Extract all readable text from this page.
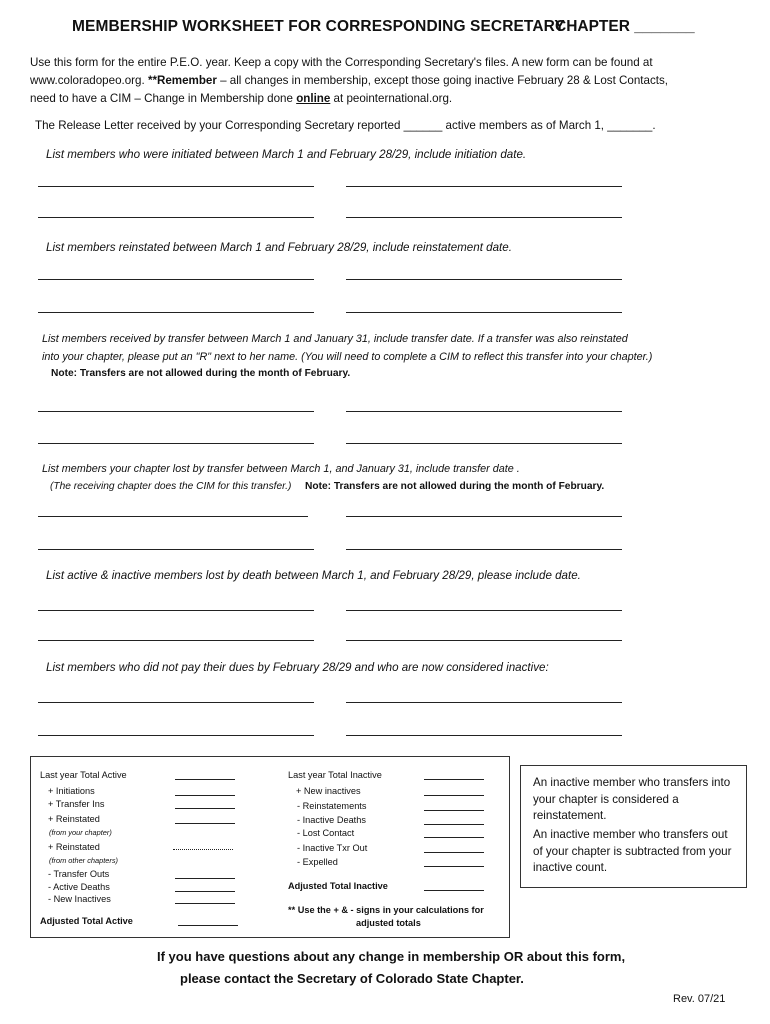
MEMBERSHIP WORKSHEET FOR CORRESPONDING SECRETARY
CHAPTER _______
Use this form for the entire P.E.O. year. Keep a copy with the Corresponding Secretary's files. A new form can be found at
www.coloradopeo.org. **Remember – all changes in membership, except those going inactive February 28 & Lost Contacts,
need to have a CIM – Change in Membership done online at peointernational.org.
The Release Letter received by your Corresponding Secretary reported ______ active members as of March 1, _______.
List members who were initiated between March 1 and February 28/29, include initiation date.
List members reinstated between March 1 and February 28/29, include reinstatement date.
List members received by transfer between March 1 and January 31, include transfer date. If a transfer was also reinstated
into your chapter, please put an "R" next to her name. (You will need to complete a CIM to reflect this transfer into your chapter.)
Note: Transfers are not allowed during the month of February.
List members your chapter lost by transfer between March 1, and January 31, include transfer date .
(The receiving chapter does the CIM for this transfer.) Note: Transfers are not allowed during the month of February.
List active & inactive members lost by death between March 1, and February 28/29, please include date.
List members who did not pay their dues by February 28/29 and who are now considered inactive:
Last year Total Active
+ Initiations
+ Transfer Ins
+ Reinstated
(from your chapter)
+ Reinstated
(from other chapters)
- Transfer Outs
- Active Deaths
- New Inactives
Adjusted Total Active
Last year Total Inactive
+ New inactives
- Reinstatements
- Inactive Deaths
- Lost Contact
- Inactive Txr Out
- Expelled
Adjusted Total Inactive
** Use the + & - signs in your calculations for
adjusted totals
An inactive member who transfers into your chapter is considered a reinstatement.
An inactive member who transfers out of your chapter is subtracted from your inactive count.
If you have questions about any change in membership OR about this form,
please contact the Secretary of Colorado State Chapter.
Rev. 07/21
